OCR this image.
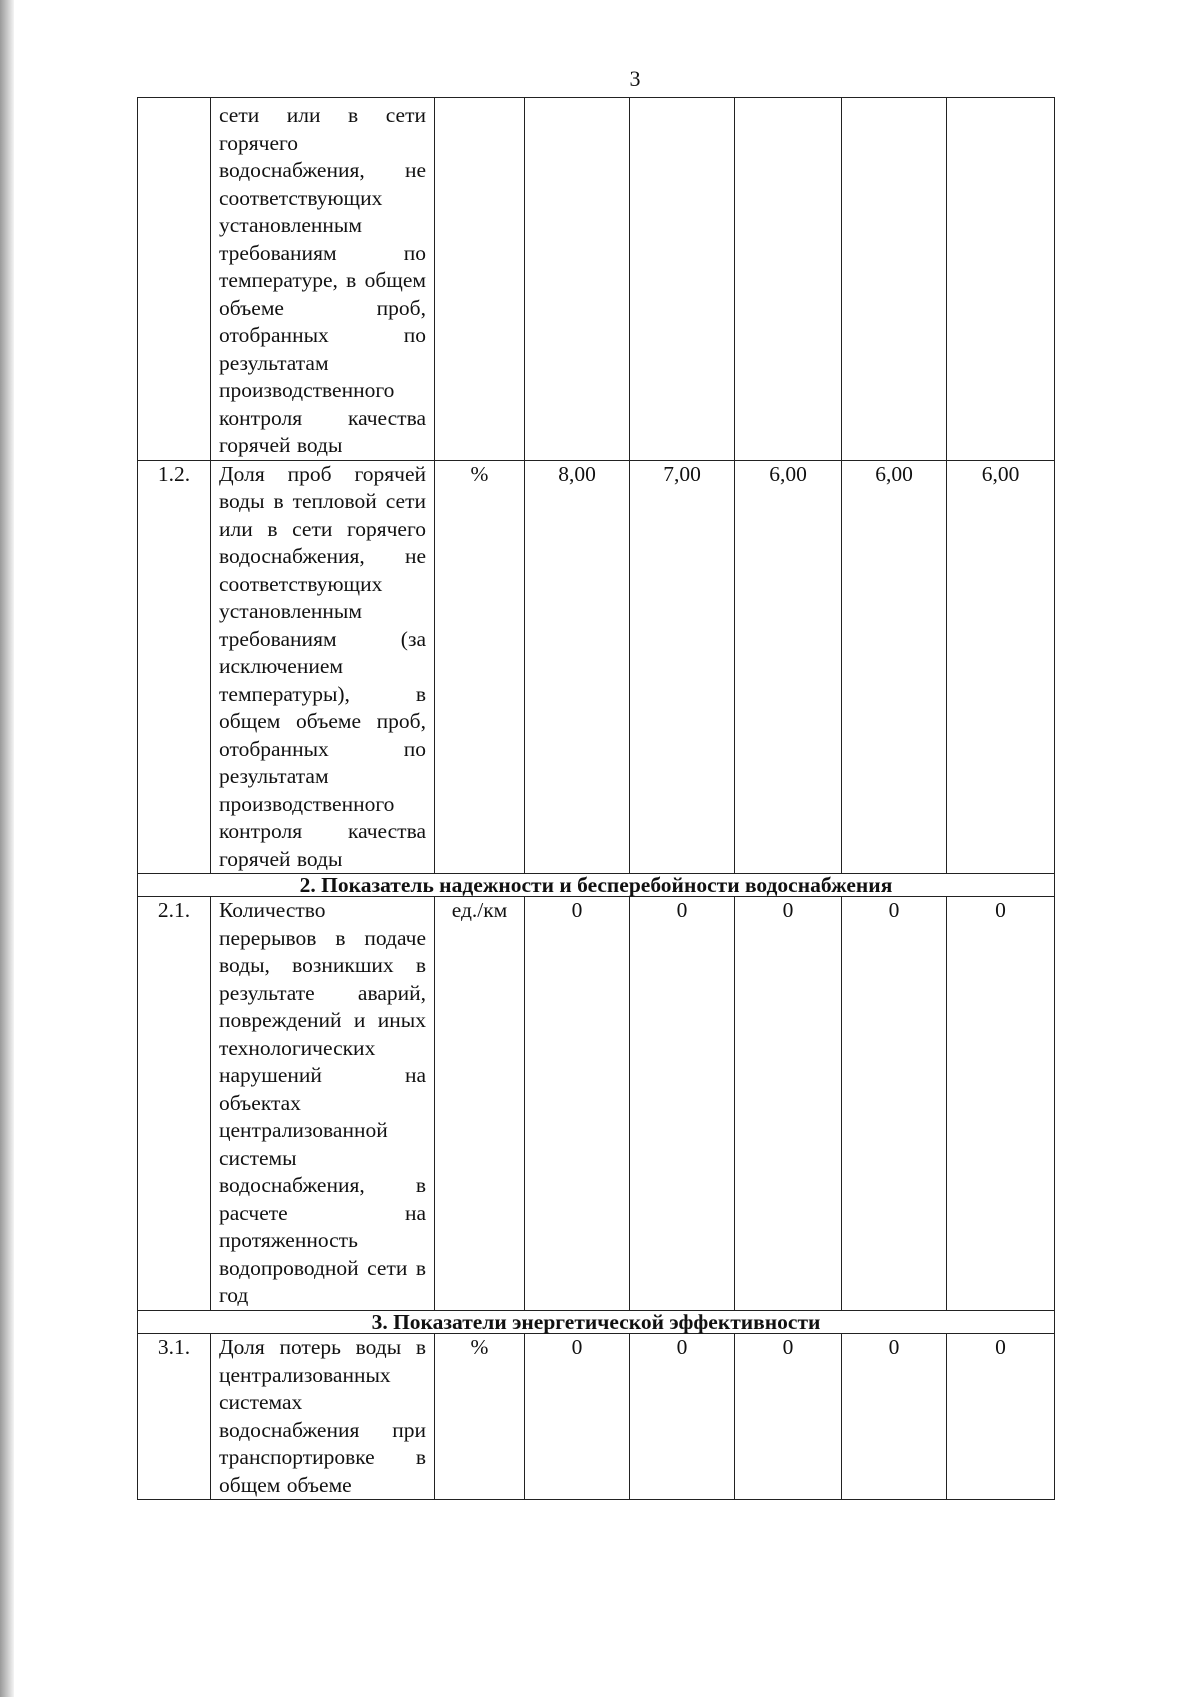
3
	сети или в сети горячего водоснабжения, не соответствующих установленным требованиям по температуре, в общем объеме проб, отобранных по результатам производственного контроля качества горячей воды						
1.2.	Доля проб горячей воды в тепловой сети или в сети горячего водоснабжения, не соответствующих установленным требованиям (за исключением температуры), в общем объеме проб, отобранных по результатам производственного контроля качества горячей воды	%	8,00	7,00	6,00	6,00	6,00
2. Показатель надежности и бесперебойности водоснабжения							
2.1.	Количество перерывов в подаче воды, возникших в результате аварий, повреждений и иных технологических нарушений на объектах централизованной системы водоснабжения, в расчете на протяженность водопроводной сети в год	ед./км	0	0	0	0	0
3. Показатели энергетической эффективности							
3.1.	Доля потерь воды в централизованных системах водоснабжения при транспортировке в общем объеме	%	0	0	0	0	0
